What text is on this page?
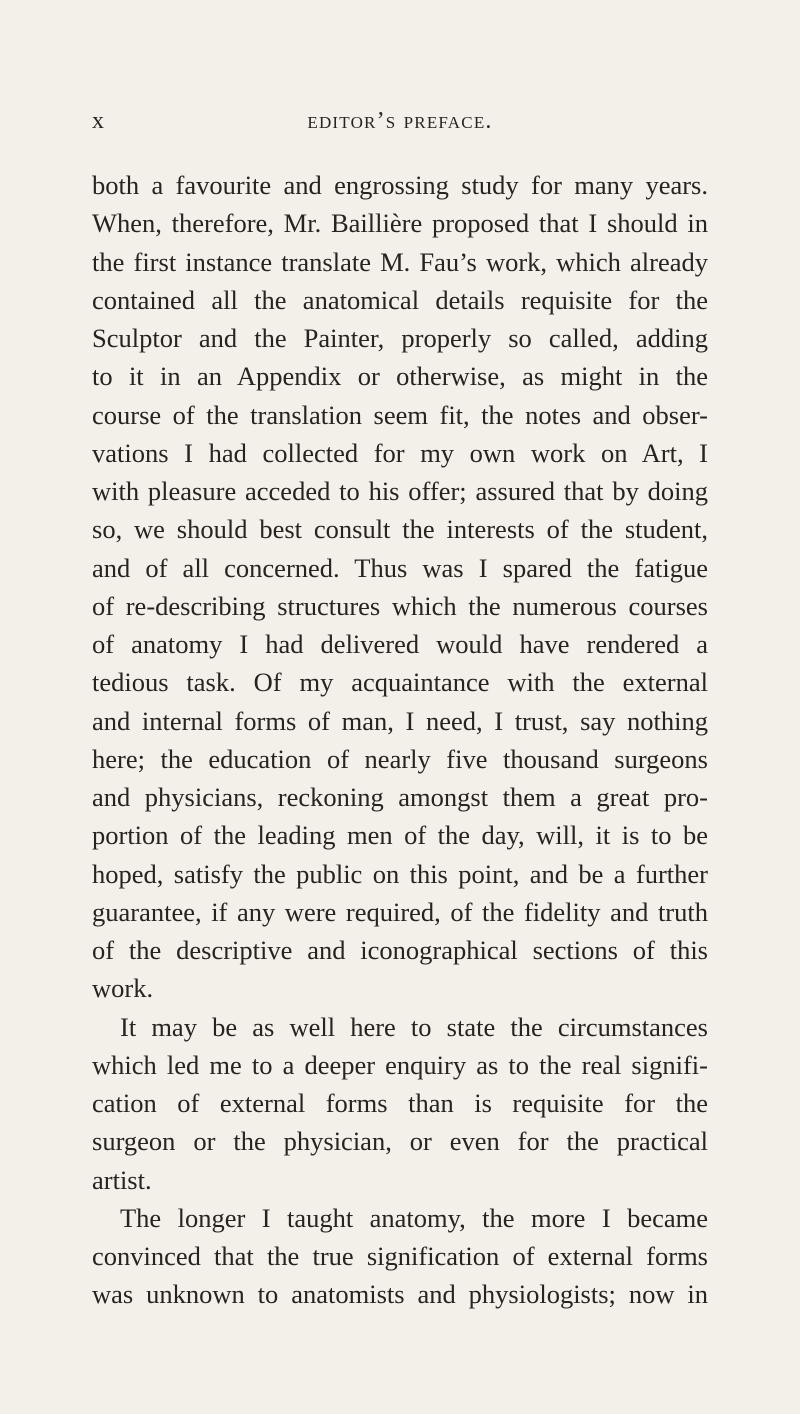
x	editor’s preface.
both a favourite and engrossing study for many years.
When, therefore, Mr. Baillière proposed that I should in
the first instance translate M. Fau’s work, which already
contained all the anatomical details requisite for the
Sculptor and the Painter, properly so called, adding
to it in an Appendix or otherwise, as might in the
course of the translation seem fit, the notes and obser-
vations I had collected for my own work on Art, I
with pleasure acceded to his offer; assured that by doing
so, we should best consult the interests of the student,
and of all concerned. Thus was I spared the fatigue
of re-describing structures which the numerous courses
of anatomy I had delivered would have rendered a
tedious task. Of my acquaintance with the external
and internal forms of man, I need, I trust, say nothing
here; the education of nearly five thousand surgeons
and physicians, reckoning amongst them a great pro-
portion of the leading men of the day, will, it is to be
hoped, satisfy the public on this point, and be a further
guarantee, if any were required, of the fidelity and truth
of the descriptive and iconographical sections of this
work.
It may be as well here to state the circumstances
which led me to a deeper enquiry as to the real signifi-
cation of external forms than is requisite for the
surgeon or the physician, or even for the practical
artist.
The longer I taught anatomy, the more I became
convinced that the true signification of external forms
was unknown to anatomists and physiologists; now in
